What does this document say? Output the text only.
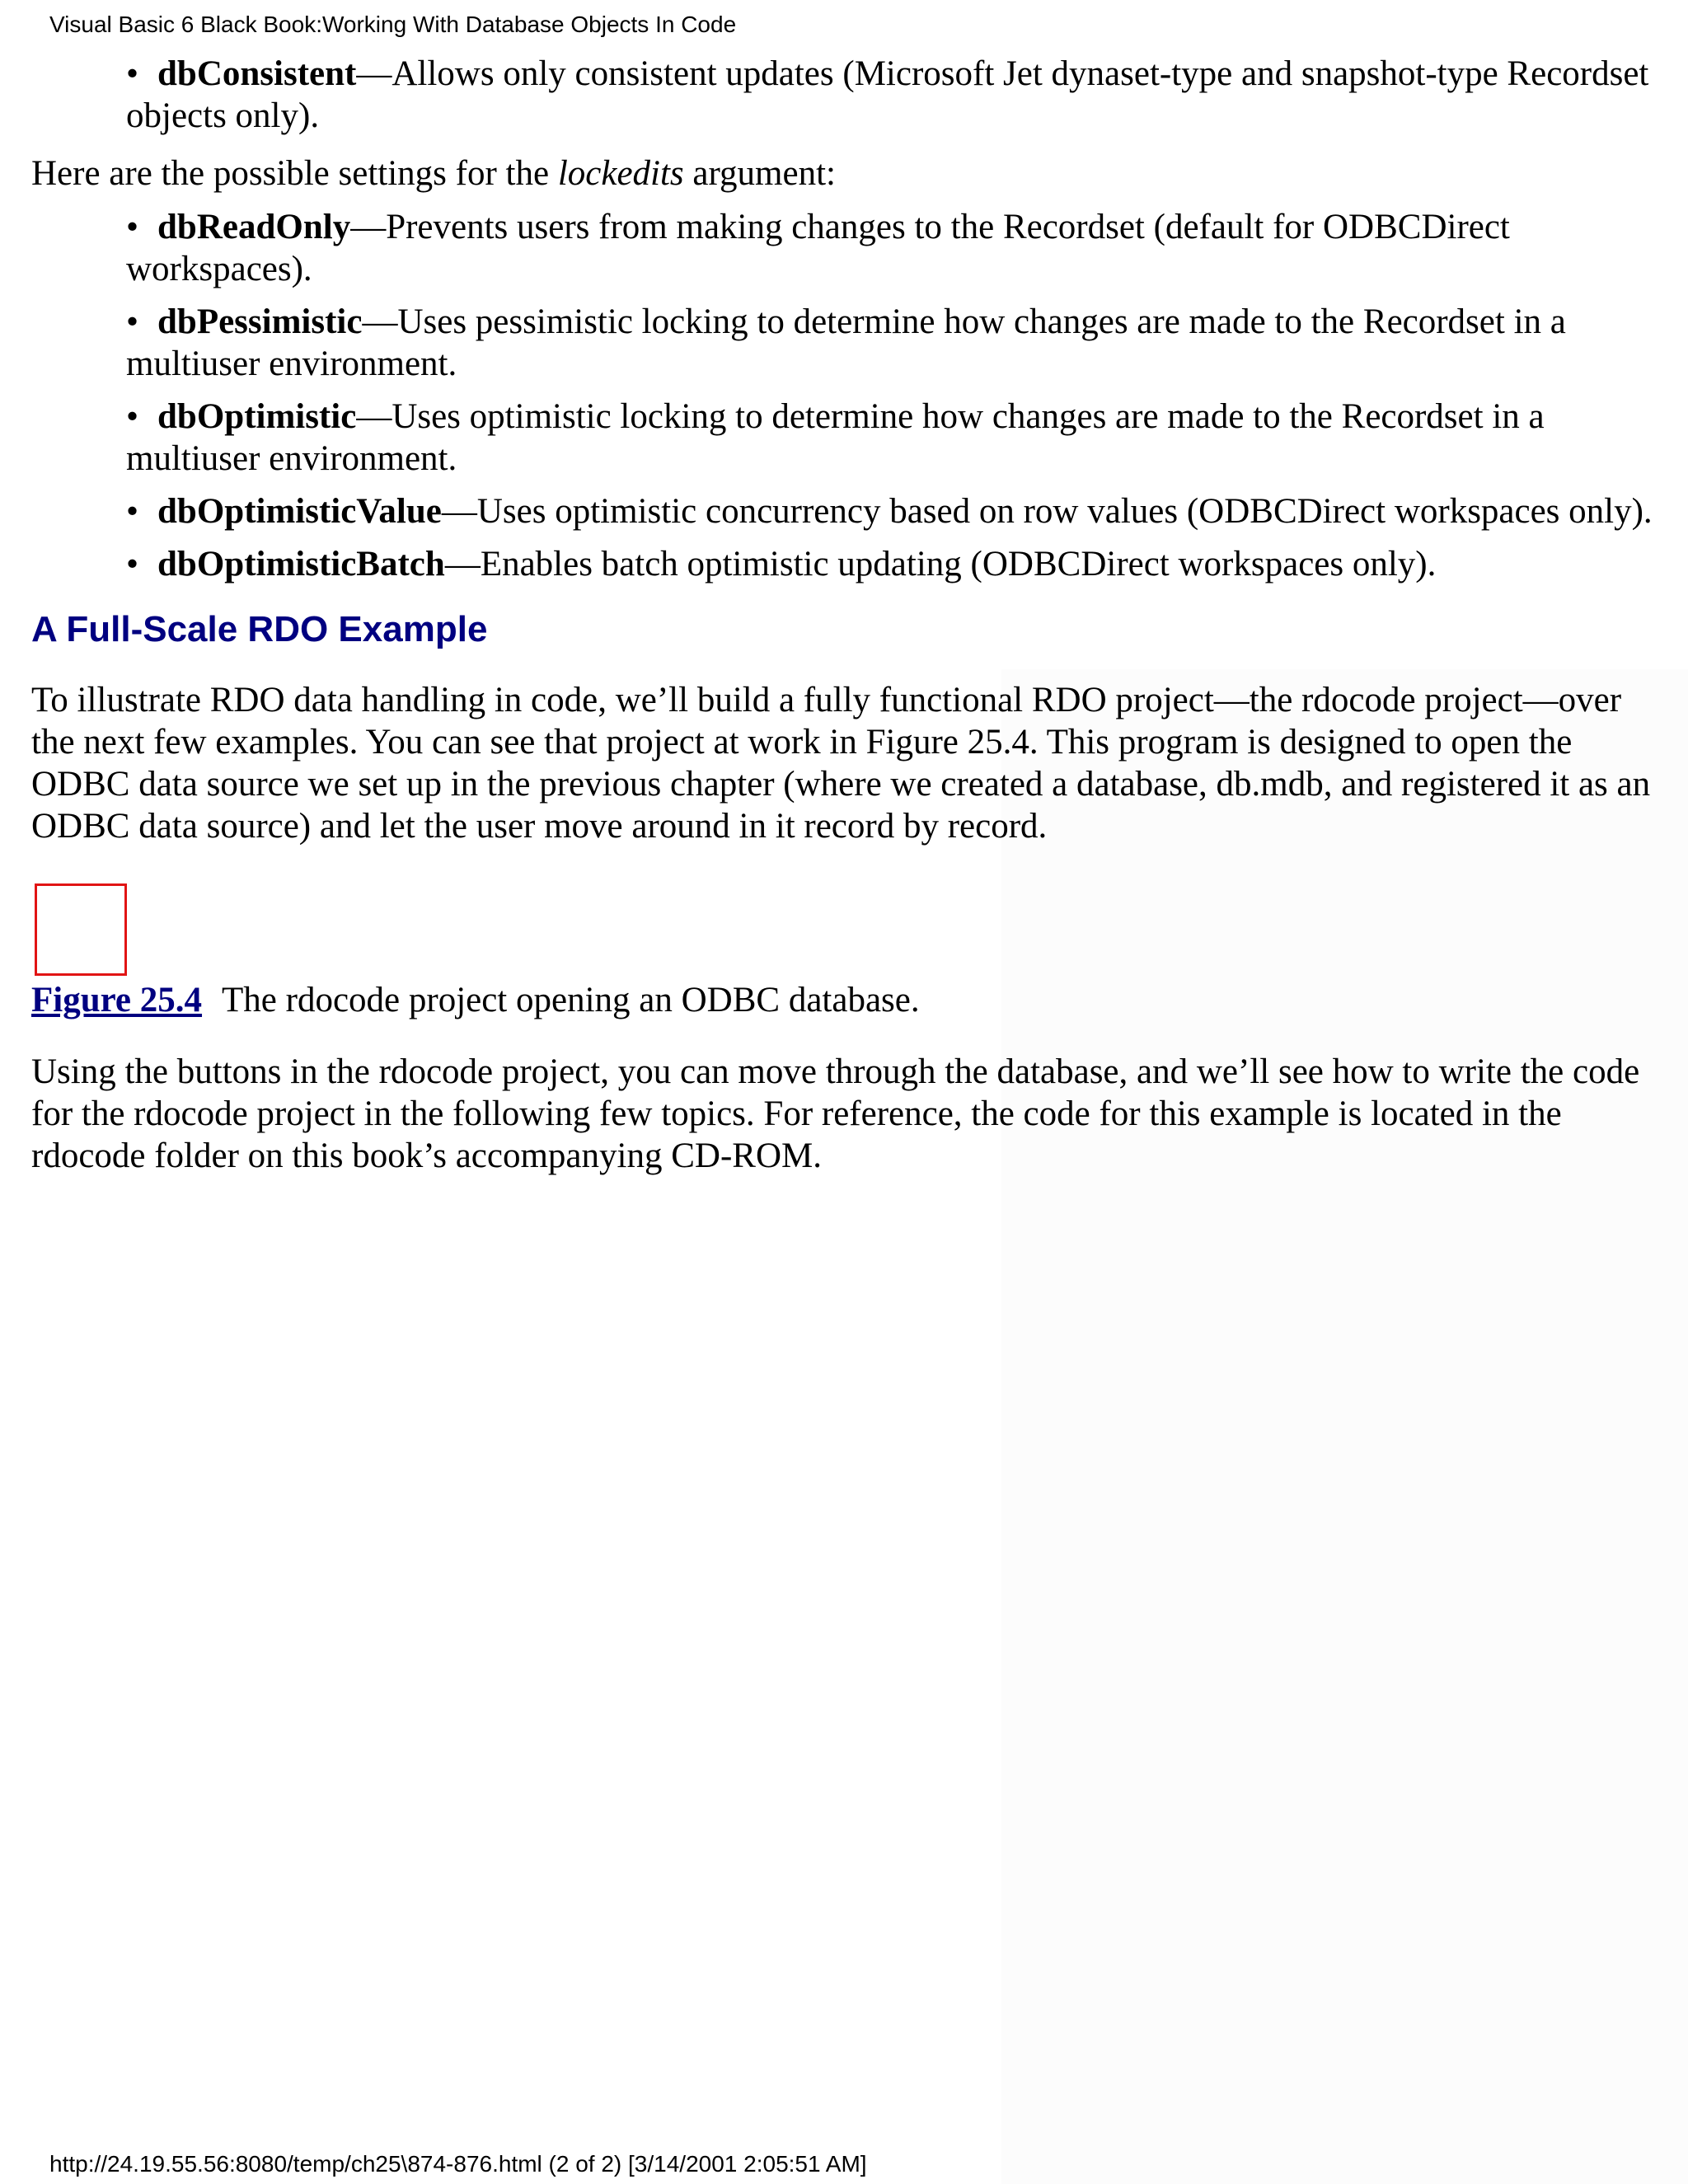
Visual Basic 6 Black Book:Working With Database Objects In Code
• dbConsistent—Allows only consistent updates (Microsoft Jet dynaset-type and snapshot-type Recordset objects only).

Here are the possible settings for the lockedits argument:

• dbReadOnly—Prevents users from making changes to the Recordset (default for ODBCDirect workspaces).
• dbPessimistic—Uses pessimistic locking to determine how changes are made to the Recordset in a multiuser environment.
• dbOptimistic—Uses optimistic locking to determine how changes are made to the Recordset in a multiuser environment.
• dbOptimisticValue—Uses optimistic concurrency based on row values (ODBCDirect workspaces only).
• dbOptimisticBatch—Enables batch optimistic updating (ODBCDirect workspaces only).
A Full-Scale RDO Example

To illustrate RDO data handling in code, we’ll build a fully functional RDO project—the rdocode project—over the next few examples. You can see that project at work in Figure 25.4. This program is designed to open the ODBC data source we set up in the previous chapter (where we created a database, db.mdb, and registered it as an ODBC data source) and let the user move around in it record by record.

Figure 25.4 The rdocode project opening an ODBC database.

Using the buttons in the rdocode project, you can move through the database, and we’ll see how to write the code for the rdocode project in the following few topics. For reference, the code for this example is located in the rdocode folder on this book’s accompanying CD-ROM.

http://24.19.55.56:8080/temp/ch25\874-876.html (2 of 2) [3/14/2001 2:05:51 AM]
